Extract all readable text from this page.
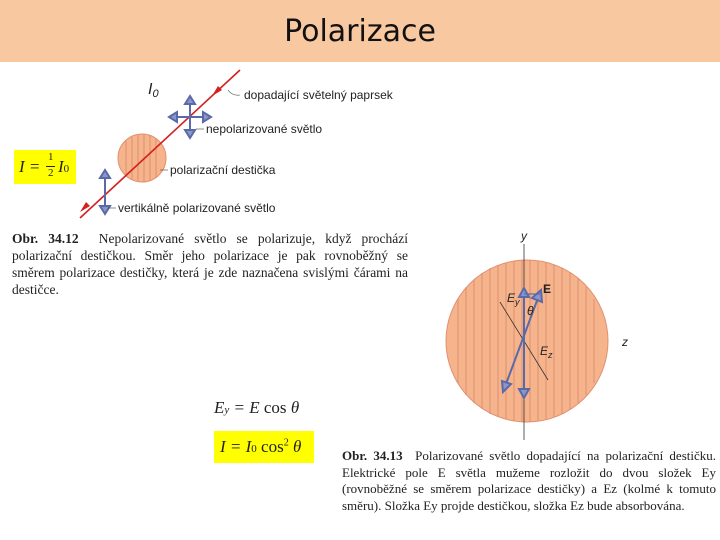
Polarizace
I0	dopadající světelný paprsek
nepolarizované světlo
polarizační destička
vertikálně polarizované světlo
I = 1
2 I0
Obr. 34.12 Nepolarizované světlo se polarizuje, když prochází polarizační destičkou. Směr jeho polarizace je pak rovnoběžný se směrem polarizace destičky, která je zde naznačena svislými čárami na destičce.
y
z
E
$E_y$
θ
$E_z$
Ey = E cos θ
I = I0 $\cos^2 \theta$	Obr. 34.13 Polarizované světlo dopadající na polarizační destičku. Elektrické pole E světla mužeme rozložit do dvou složek Ey (rovnoběžné se směrem polarizace destičky) a Ez (kolmé k tomuto směru). Složka Ey projde destičkou, složka Ez bude absorbována.
